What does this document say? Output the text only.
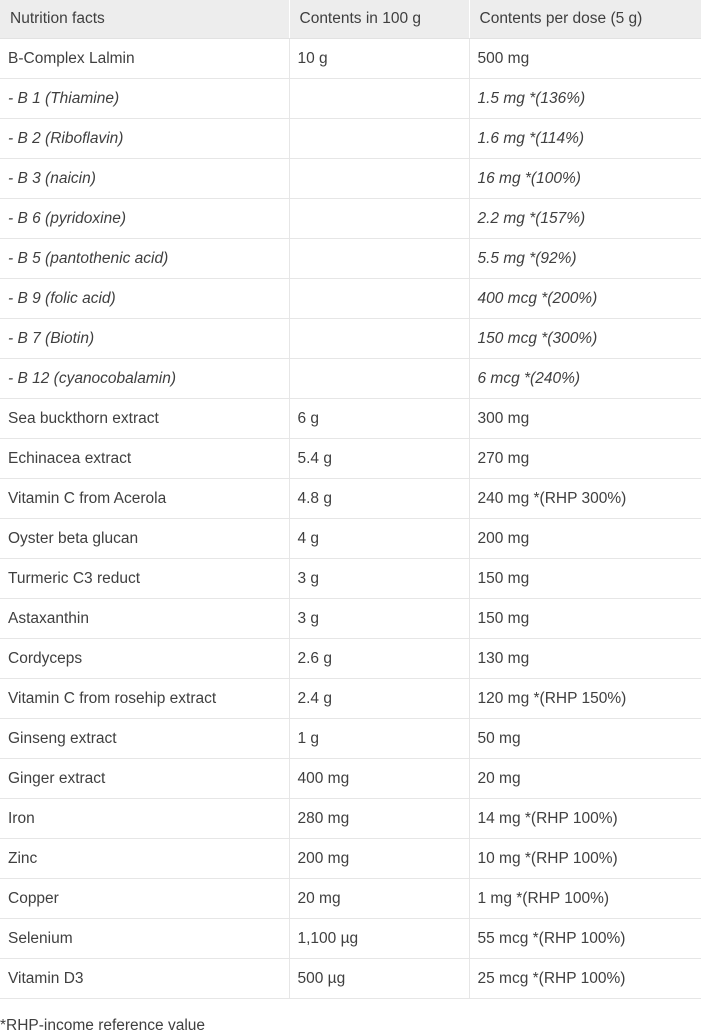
Nutrition facts	Contents in 100 g	Contents per dose (5 g)
B-Complex Lalmin	10 g	500 mg
- B 1 (Thiamine)		1.5 mg *(136%)
- B 2 (Riboflavin)		1.6 mg *(114%)
- B 3 (naicin)		16 mg *(100%)
- B 6 (pyridoxine)		2.2 mg *(157%)
- B 5 (pantothenic acid)		5.5 mg *(92%)
- B 9 (folic acid)		400 mcg *(200%)
- B 7 (Biotin)		150 mcg *(300%)
- B 12 (cyanocobalamin)		6 mcg *(240%)
Sea buckthorn extract	6 g	300 mg
Echinacea extract	5.4 g	270 mg
Vitamin C from Acerola	4.8 g	240 mg *(RHP 300%)
Oyster beta glucan	4 g	200 mg
Turmeric C3 reduct	3 g	150 mg
Astaxanthin	3 g	150 mg
Cordyceps	2.6 g	130 mg
Vitamin C from rosehip extract	2.4 g	120 mg *(RHP 150%)
Ginseng extract	1 g	50 mg
Ginger extract	400 mg	20 mg
Iron	280 mg	14 mg *(RHP 100%)
Zinc	200 mg	10 mg *(RHP 100%)
Copper	20 mg	1 mg *(RHP 100%)
Selenium	1,100 µg	55 mcg *(RHP 100%)
Vitamin D3	500 µg	25 mcg *(RHP 100%)
*RHP-income reference value
